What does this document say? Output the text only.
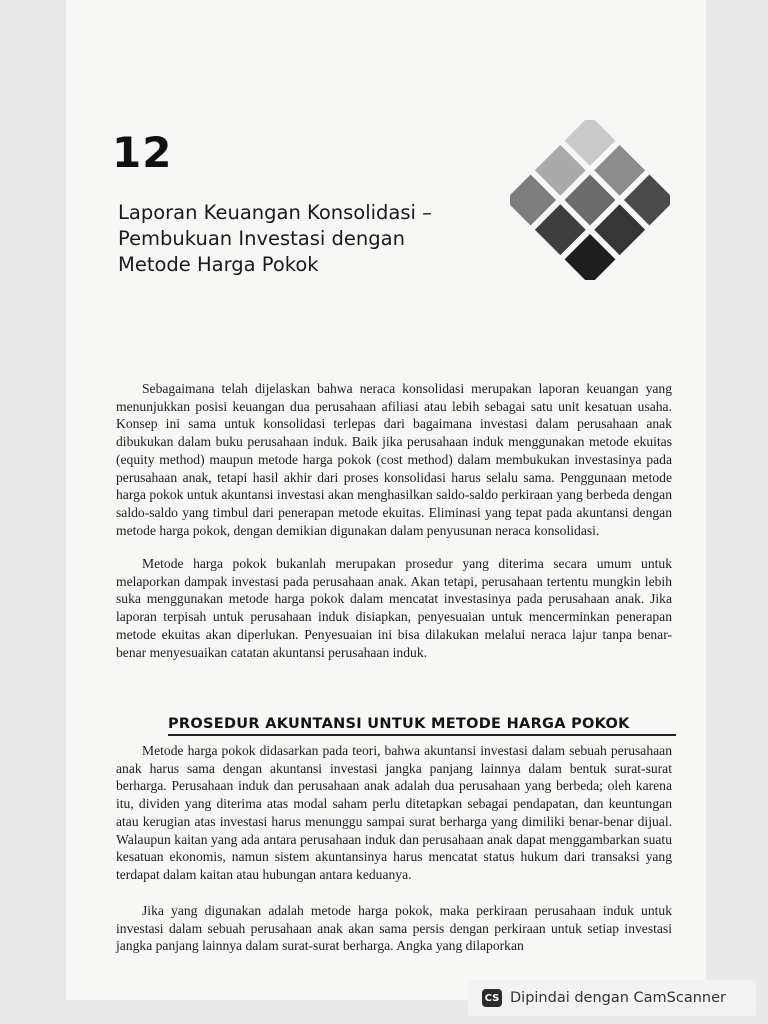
12
Laporan Keuangan Konsolidasi –
Pembukuan Investasi dengan
Metode Harga Pokok

Sebagaimana telah dijelaskan bahwa neraca konsolidasi merupakan laporan keuangan yang menunjukkan posisi keuangan dua perusahaan afiliasi atau lebih sebagai satu unit kesatuan usaha. Konsep ini sama untuk konsolidasi terlepas dari bagaimana investasi dalam perusahaan anak dibukukan dalam buku perusahaan induk. Baik jika perusahaan induk menggunakan metode ekuitas (equity method) maupun metode harga pokok (cost method) dalam membukukan investasinya pada perusahaan anak, tetapi hasil akhir dari proses konsolidasi harus selalu sama. Penggunaan metode harga pokok untuk akuntansi investasi akan menghasilkan saldo-saldo perkiraan yang berbeda dengan saldo-saldo yang timbul dari penerapan metode ekuitas. Eliminasi yang tepat pada akuntansi dengan metode harga pokok, dengan demikian digunakan dalam penyusunan neraca konsolidasi.

Metode harga pokok bukanlah merupakan prosedur yang diterima secara umum untuk melaporkan dampak investasi pada perusahaan anak. Akan tetapi, perusahaan tertentu mungkin lebih suka menggunakan metode harga pokok dalam mencatat investasinya pada perusahaan anak. Jika laporan terpisah untuk perusahaan induk disiapkan, penyesuaian untuk mencerminkan penerapan metode ekuitas akan diperlukan. Penyesuaian ini bisa dilakukan melalui neraca lajur tanpa benar-benar menyesuaikan catatan akuntansi perusahaan induk.

PROSEDUR AKUNTANSI UNTUK METODE HARGA POKOK

Metode harga pokok didasarkan pada teori, bahwa akuntansi investasi dalam sebuah perusahaan anak harus sama dengan akuntansi investasi jangka panjang lainnya dalam bentuk surat-surat berharga. Perusahaan induk dan perusahaan anak adalah dua perusahaan yang berbeda; oleh karena itu, dividen yang diterima atas modal saham perlu ditetapkan sebagai pendapatan, dan keuntungan atau kerugian atas investasi harus menunggu sampai surat berharga yang dimiliki benar-benar dijual. Walaupun kaitan yang ada antara perusahaan induk dan perusahaan anak dapat menggambarkan suatu kesatuan ekonomis, namun sistem akuntansinya harus mencatat status hukum dari transaksi yang terdapat dalam kaitan atau hubungan antara keduanya.

Jika yang digunakan adalah metode harga pokok, maka perkiraan perusahaan induk untuk investasi dalam sebuah perusahaan anak akan sama persis dengan perkiraan untuk setiap investasi jangka panjang lainnya dalam surat-surat berharga. Angka yang dilaporkan

CS Dipindai dengan CamScanner
